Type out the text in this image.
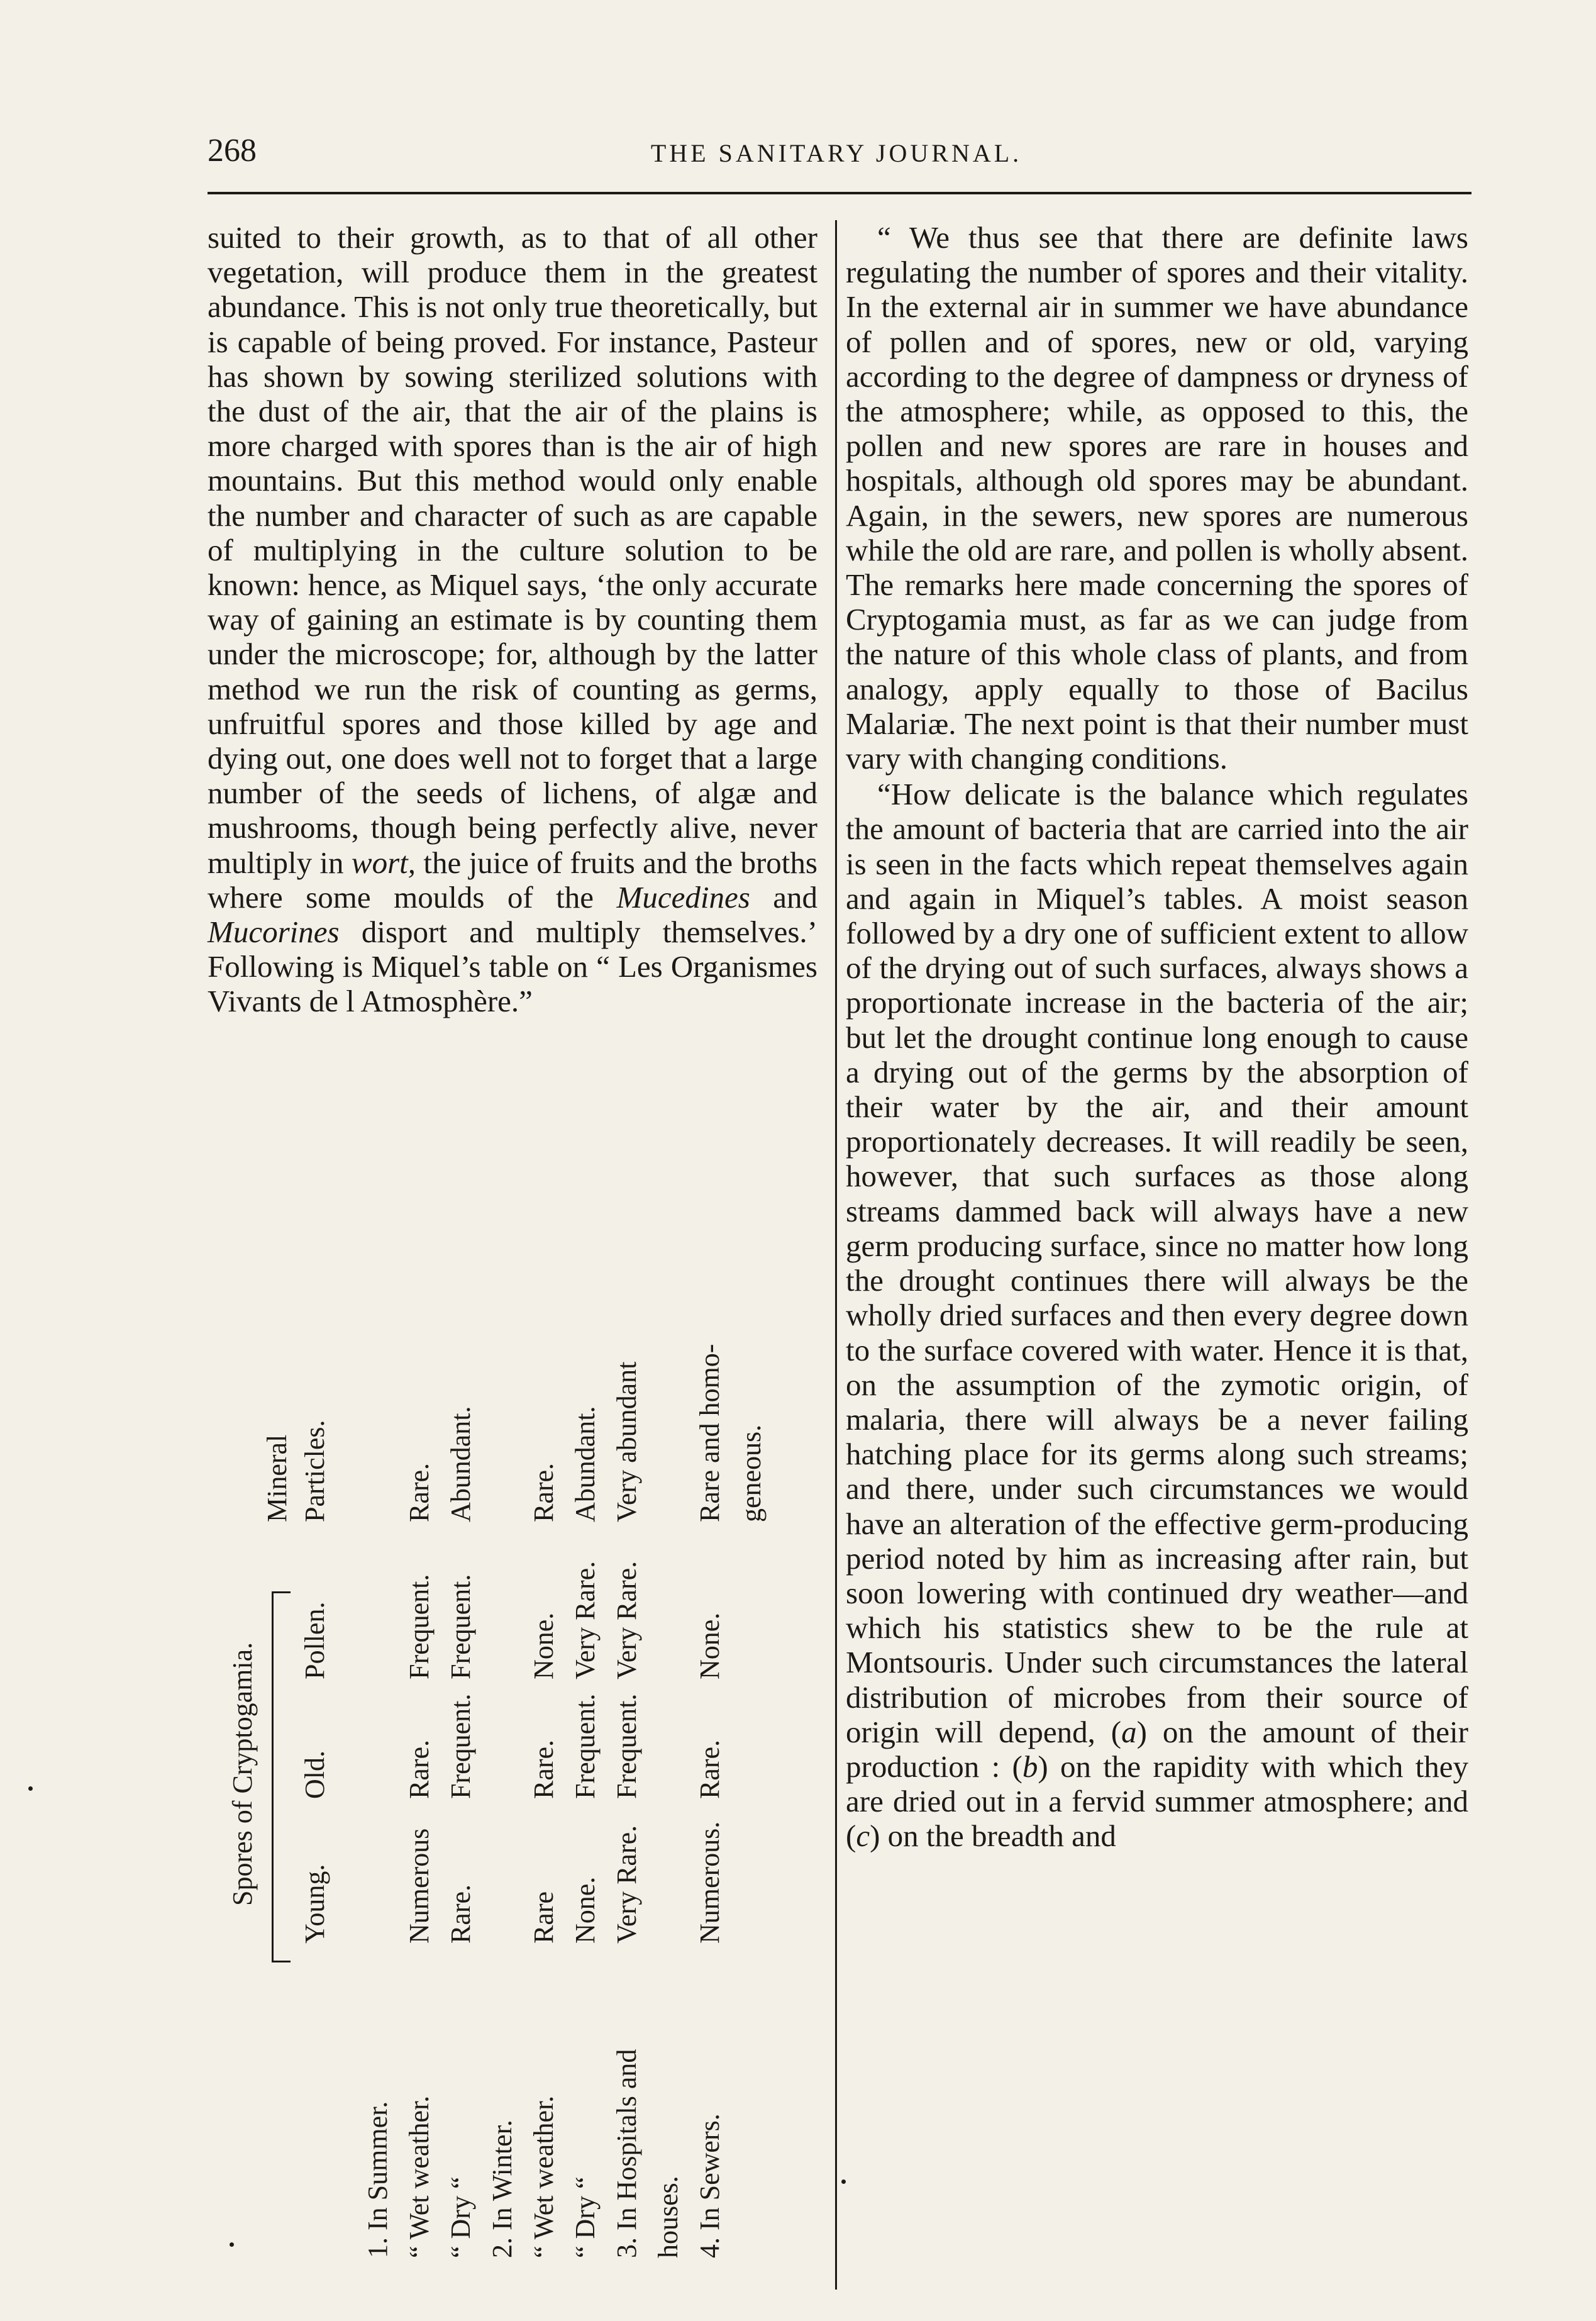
268	THE SANITARY JOURNAL.

suited to their growth, as to that of all other vegetation, will produce them in the greatest abundance. This is not only true theoretically, but is capable of being proved. For instance, Pasteur has shown by sowing sterilized solutions with the dust of the air, that the air of the plains is more charged with spores than is the air of high mountains. But this method would only enable the number and character of such as are capable of multiplying in the culture solution to be known: hence, as Miquel says, ‘the only accurate way of gaining an estimate is by counting them under the microscope; for, although by the latter method we run the risk of counting as germs, unfruitful spores and those killed by age and dying out, one does well not to forget that a large number of the seeds of lichens, of algæ and mushrooms, though being perfectly alive, never multiply in wort, the juice of fruits and the broths where some moulds of the Mucedines and Mucorines disport and multiply themselves.’ Following is Miquel’s table on “ Les Organismes Vivants de l Atmosphère.”

Spores of Cryptogamia. Young.
Old.
Pollen.
Mineral Particles.
1. In Summer. “ Wet weather.
Numerous
Rare.
Frequent.
Rare.
“ Dry “
Rare.
Frequent.
Frequent.
Abundant.
2. In Winter. “ Wet weather.
Rare
Rare.
None.
Rare.
“ Dry “
None.
Frequent.
Very Rare.
Abundant.
3. In Hospitals and
Very Rare.
Frequent.
Very Rare.
Very abundant
houses. 4. In Sewers.
Numerous.
Rare.
None.
Rare and homo- geneous.

“ We thus see that there are definite laws regulating the number of spores and their vitality. In the external air in summer we have abundance of pollen and of spores, new or old, varying according to the degree of dampness or dryness of the atmosphere; while, as opposed to this, the pollen and new spores are rare in houses and hospitals, although old spores may be abundant. Again, in the sewers, new spores are numerous while the old are rare, and pollen is wholly absent. The remarks here made concerning the spores of Cryptogamia must, as far as we can judge from the nature of this whole class of plants, and from analogy, apply equally to those of Bacilus Malariæ. The next point is that their number must vary with changing conditions.

“How delicate is the balance which regulates the amount of bacteria that are carried into the air is seen in the facts which repeat themselves again and again in Miquel’s tables. A moist season followed by a dry one of sufficient extent to allow of the drying out of such surfaces, always shows a proportionate increase in the bacteria of the air; but let the drought continue long enough to cause a drying out of the germs by the absorption of their water by the air, and their amount proportionately decreases. It will readily be seen, however, that such surfaces as those along streams dammed back will always have a new germ producing surface, since no matter how long the drought continues there will always be the wholly dried surfaces and then every degree down to the surface covered with water. Hence it is that, on the assumption of the zymotic origin, of malaria, there will always be a never failing hatching place for its germs along such streams; and there, under such circumstances we would have an alteration of the effective germ-producing period noted by him as increasing after rain, but soon lowering with continued dry weather—and which his statistics shew to be the rule at Montsouris. Under such circumstances the lateral distribution of microbes from their source of origin will depend, (a) on the amount of their production : (b) on the rapidity with which they are dried out in a fervid summer atmosphere; and (c) on the breadth and
